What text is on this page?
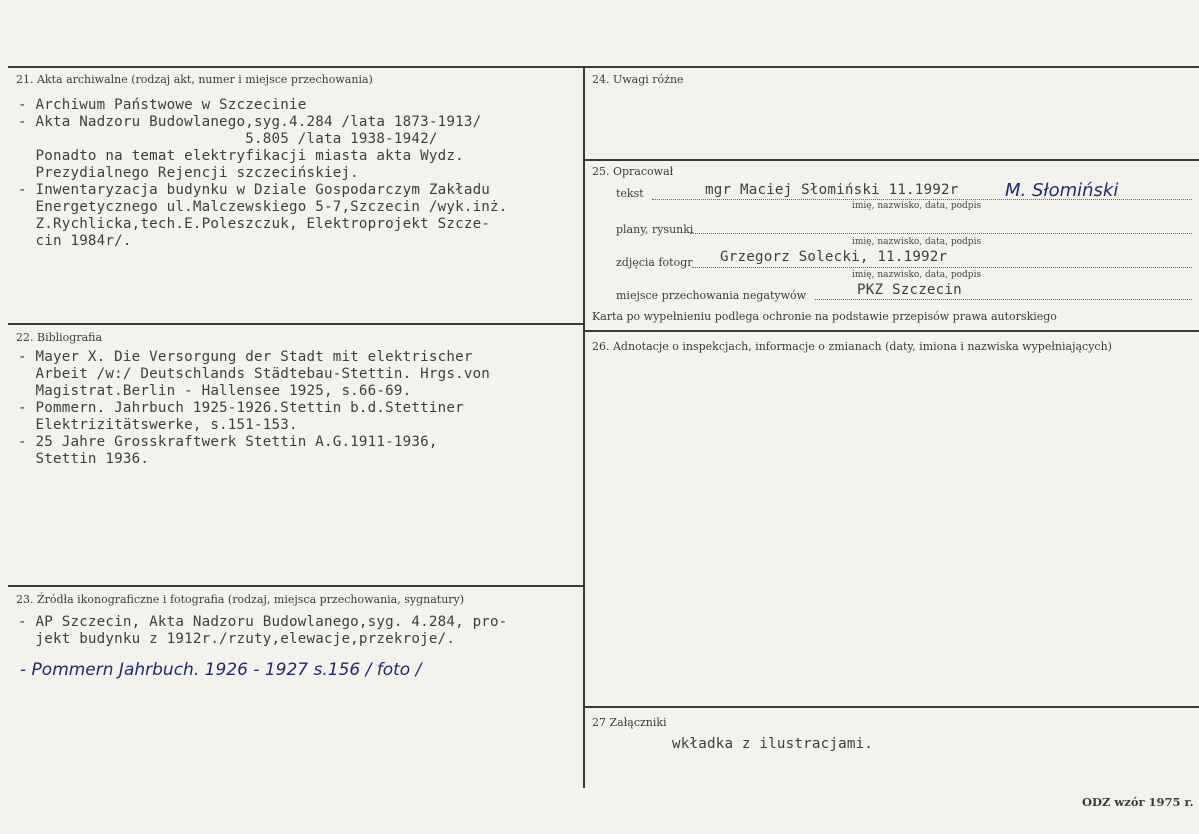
21. Akta archiwalne (rodzaj akt, numer i miejsce przechowania)
- Archiwum Państwowe w Szczecinie
- Akta Nadzoru Budowlanego,syg.4.284 /lata 1873-1913/
5.805 /lata 1938-1942/
Ponadto na temat elektryfikacji miasta akta Wydz.
Prezydialnego Rejencji szczecińskiej.
- Inwentaryzacja budynku w Dziale Gospodarczym Zakładu
Energetycznego ul.Malczewskiego 5-7,Szczecin /wyk.inż.
Z.Rychlicka,tech.E.Poleszczuk, Elektroprojekt Szcze-
cin 1984r/.
22. Bibliografia
- Mayer X. Die Versorgung der Stadt mit elektrischer
Arbeit /w:/ Deutschlands Städtebau-Stettin. Hrgs.von
Magistrat.Berlin - Hallensee 1925, s.66-69.
- Pommern. Jahrbuch 1925-1926.Stettin b.d.Stettiner
Elektrizitätswerke, s.151-153.
- 25 Jahre Grosskraftwerk Stettin A.G.1911-1936,
Stettin 1936.
23. Źródła ikonograficzne i fotografia (rodzaj, miejsca przechowania, sygnatury)
- AP Szczecin, Akta Nadzoru Budowlanego,syg. 4.284, pro-
jekt budynku z 1912r./rzuty,elewacje,przekroje/.
- Pommern Jahrbuch. 1926 - 1927 s.156 / foto /
24. Uwagi różne
25. Opracował
tekst	mgr Maciej Słomiński 11.1992r	M. Słomiński
imię, nazwisko, data, podpis
plany, rysunki
imię, nazwisko, data, podpis
zdjęcia fotogr Grzegorz Solecki, 11.1992r
imię, nazwisko, data, podpis
miejsce przechowania negatywów	PKZ Szczecin
Karta po wypełnieniu podlega ochronie na podstawie przepisów prawa autorskiego
26. Adnotacje o inspekcjach, informacje o zmianach (daty, imiona i nazwiska wypełniających)
27 Załączniki
wkładka z ilustracjami.
ODZ wzór 1975 r.
